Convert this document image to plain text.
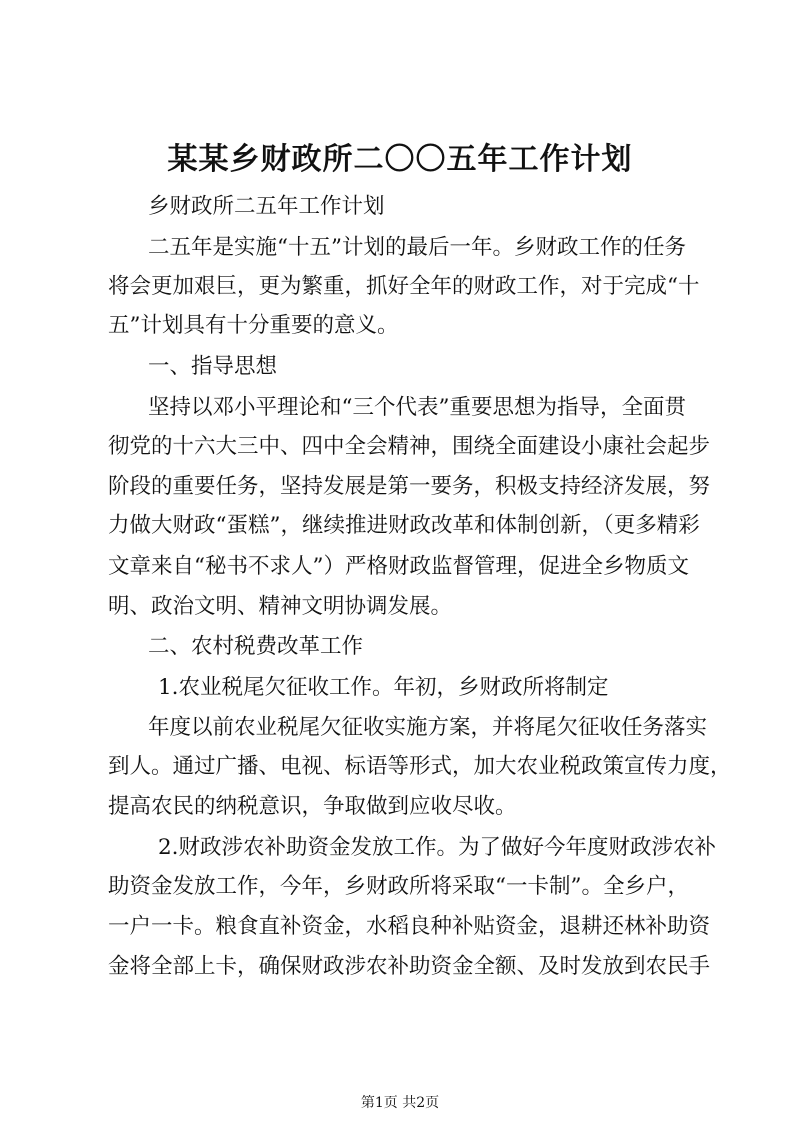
某某乡财政所二〇〇五年工作计划
乡财政所二五年工作计划
二五年是实施“十五”计划的最后一年。乡财政工作的任务
将会更加艰巨，更为繁重，抓好全年的财政工作，对于完成“十
五”计划具有十分重要的意义。
一、指导思想
坚持以邓小平理论和“三个代表”重要思想为指导，全面贯
彻党的十六大三中、四中全会精神，围绕全面建设小康社会起步
阶段的重要任务，坚持发展是第一要务，积极支持经济发展，努
力做大财政“蛋糕”，继续推进财政改革和体制创新，（更多精彩
文章来自“秘书不求人”）严格财政监督管理，促进全乡物质文
明、政治文明、精神文明协调发展。
二、农村税费改革工作
1.农业税尾欠征收工作。年初，乡财政所将制定
年度以前农业税尾欠征收实施方案，并将尾欠征收任务落实
到人。通过广播、电视、标语等形式，加大农业税政策宣传力度，
提高农民的纳税意识，争取做到应收尽收。
2.财政涉农补助资金发放工作。为了做好今年度财政涉农补
助资金发放工作，今年，乡财政所将采取“一卡制”。全乡户，
一户一卡。粮食直补资金，水稻良种补贴资金，退耕还林补助资
金将全部上卡，确保财政涉农补助资金全额、及时发放到农民手
第1页 共2页
